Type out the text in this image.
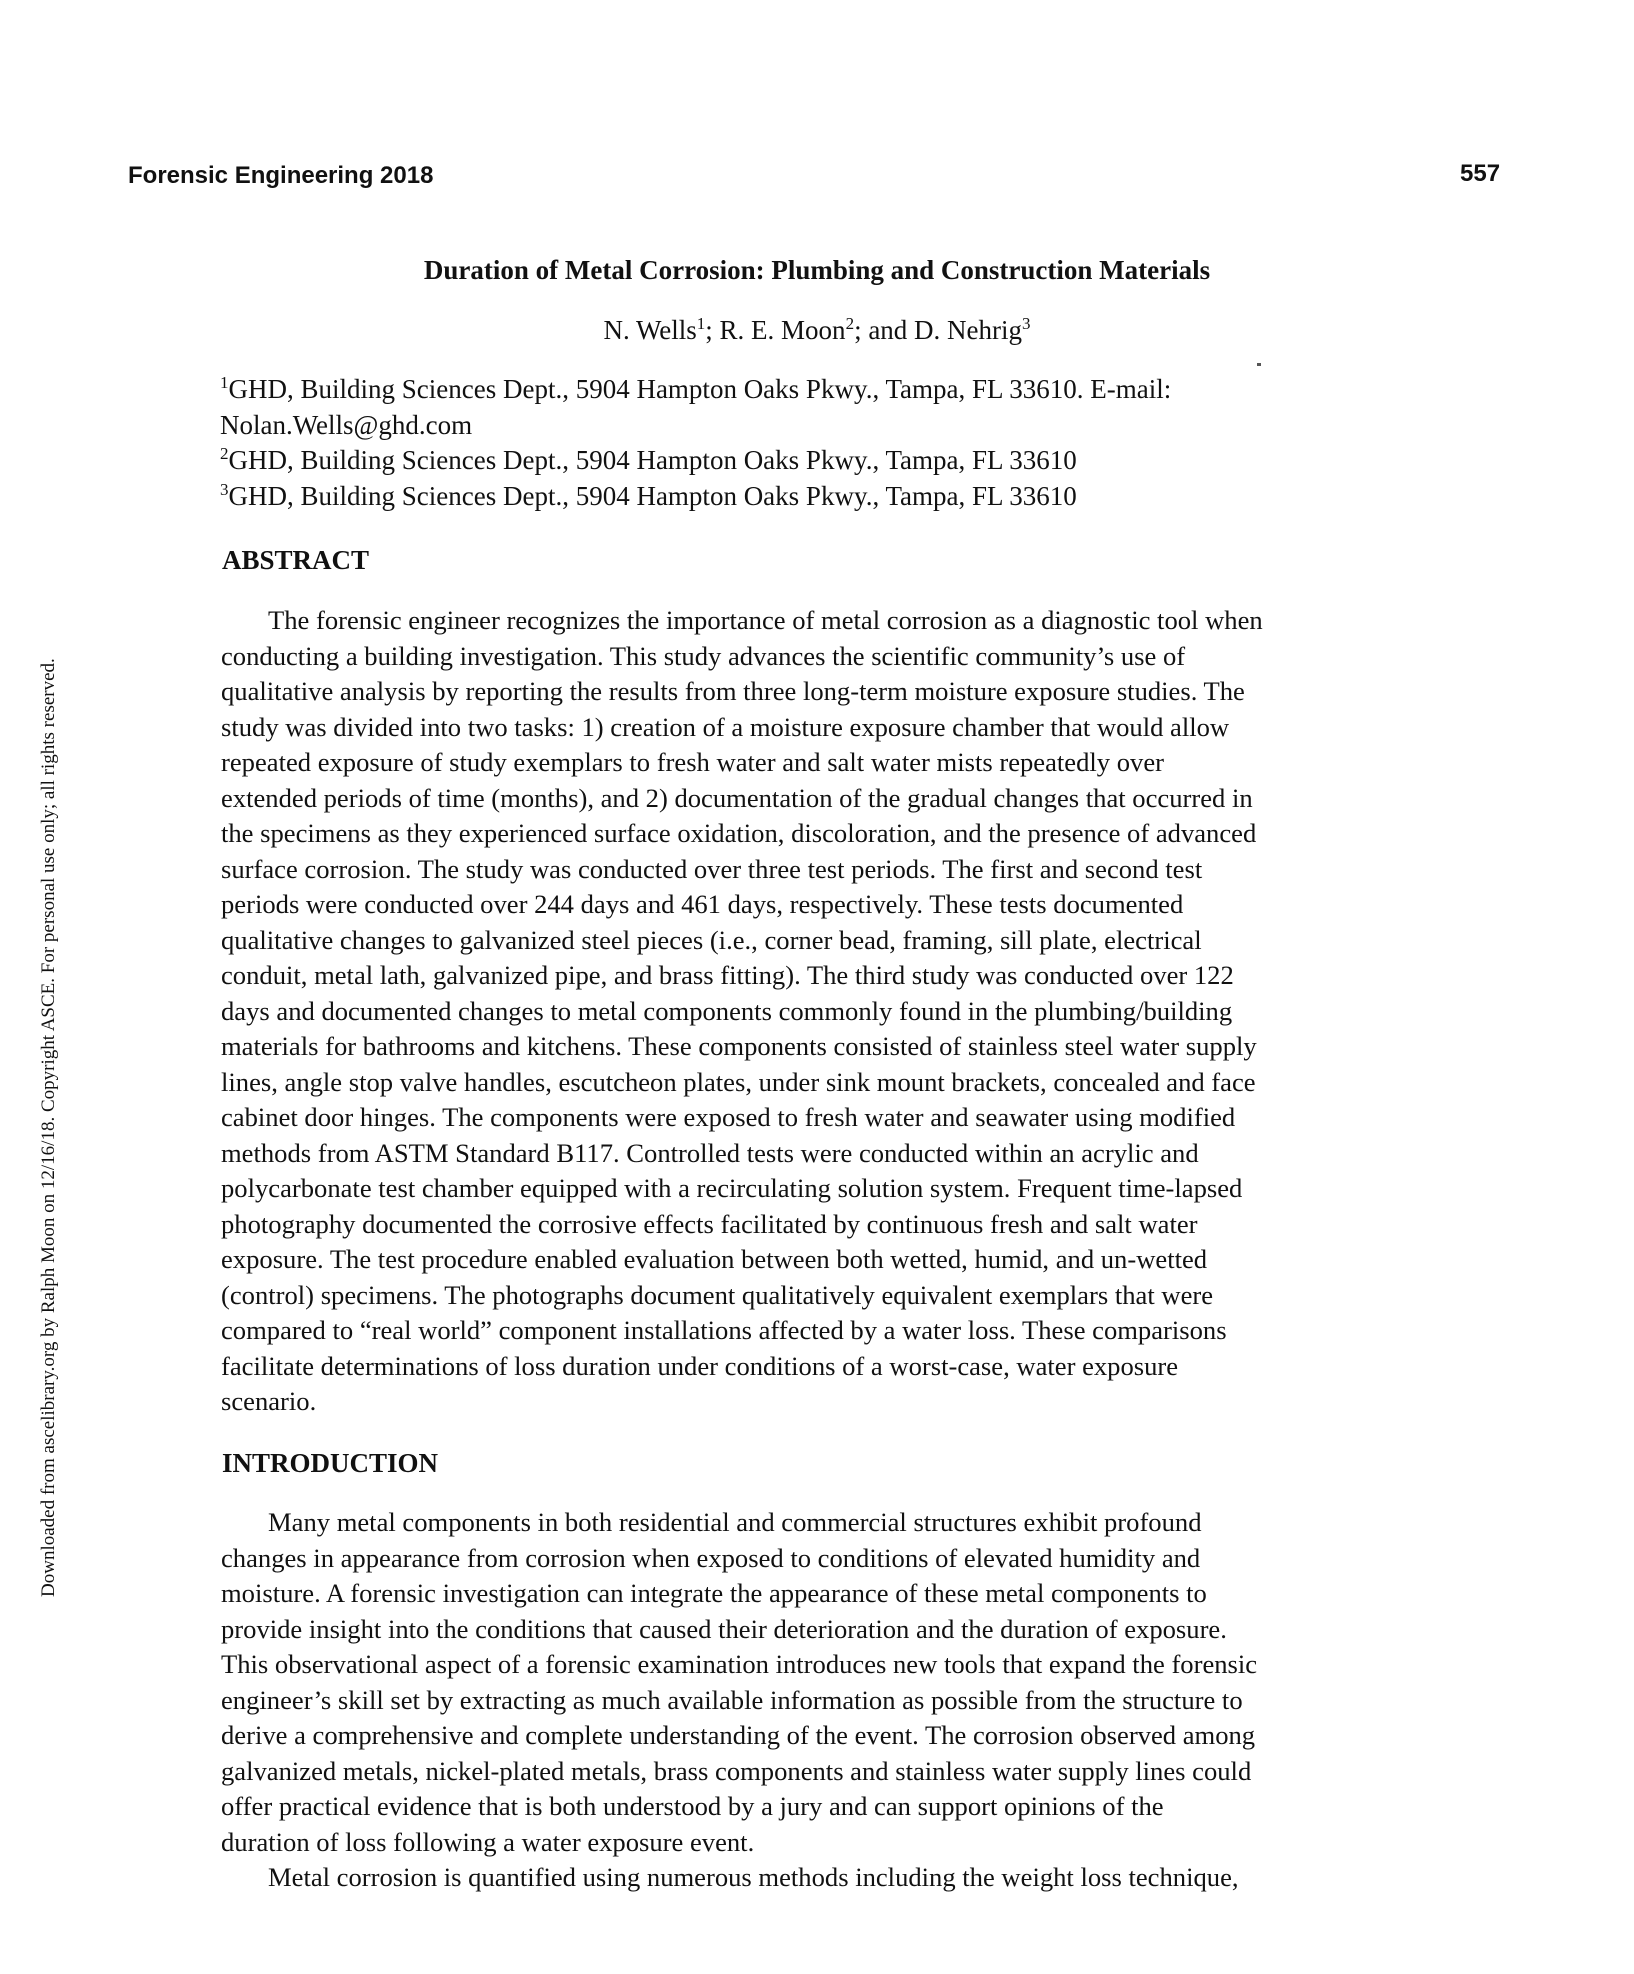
Forensic Engineering 2018	557
Downloaded from ascelibrary.org by Ralph Moon on 12/16/18. Copyright ASCE. For personal use only; all rights reserved.
Duration of Metal Corrosion: Plumbing and Construction Materials
N. Wells$^1$; R. E. Moon$^2$; and D. Nehrig$^3$
$^1$GHD, Building Sciences Dept., 5904 Hampton Oaks Pkwy., Tampa, FL 33610. E-mail:
Nolan.Wells@ghd.com
$^2$GHD, Building Sciences Dept., 5904 Hampton Oaks Pkwy., Tampa, FL 33610
$^3$GHD, Building Sciences Dept., 5904 Hampton Oaks Pkwy., Tampa, FL 33610
ABSTRACT
The forensic engineer recognizes the importance of metal corrosion as a diagnostic tool when
conducting a building investigation. This study advances the scientific community’s use of
qualitative analysis by reporting the results from three long-term moisture exposure studies. The
study was divided into two tasks: 1) creation of a moisture exposure chamber that would allow
repeated exposure of study exemplars to fresh water and salt water mists repeatedly over
extended periods of time (months), and 2) documentation of the gradual changes that occurred in
the specimens as they experienced surface oxidation, discoloration, and the presence of advanced
surface corrosion. The study was conducted over three test periods. The first and second test
periods were conducted over 244 days and 461 days, respectively. These tests documented
qualitative changes to galvanized steel pieces (i.e., corner bead, framing, sill plate, electrical
conduit, metal lath, galvanized pipe, and brass fitting). The third study was conducted over 122
days and documented changes to metal components commonly found in the plumbing/building
materials for bathrooms and kitchens. These components consisted of stainless steel water supply
lines, angle stop valve handles, escutcheon plates, under sink mount brackets, concealed and face
cabinet door hinges. The components were exposed to fresh water and seawater using modified
methods from ASTM Standard B117. Controlled tests were conducted within an acrylic and
polycarbonate test chamber equipped with a recirculating solution system. Frequent time-lapsed
photography documented the corrosive effects facilitated by continuous fresh and salt water
exposure. The test procedure enabled evaluation between both wetted, humid, and un-wetted
(control) specimens. The photographs document qualitatively equivalent exemplars that were
compared to “real world” component installations affected by a water loss. These comparisons
facilitate determinations of loss duration under conditions of a worst-case, water exposure
scenario.
INTRODUCTION
Many metal components in both residential and commercial structures exhibit profound
changes in appearance from corrosion when exposed to conditions of elevated humidity and
moisture. A forensic investigation can integrate the appearance of these metal components to
provide insight into the conditions that caused their deterioration and the duration of exposure.
This observational aspect of a forensic examination introduces new tools that expand the forensic
engineer’s skill set by extracting as much available information as possible from the structure to
derive a comprehensive and complete understanding of the event. The corrosion observed among
galvanized metals, nickel-plated metals, brass components and stainless water supply lines could
offer practical evidence that is both understood by a jury and can support opinions of the
duration of loss following a water exposure event.
Metal corrosion is quantified using numerous methods including the weight loss technique,
